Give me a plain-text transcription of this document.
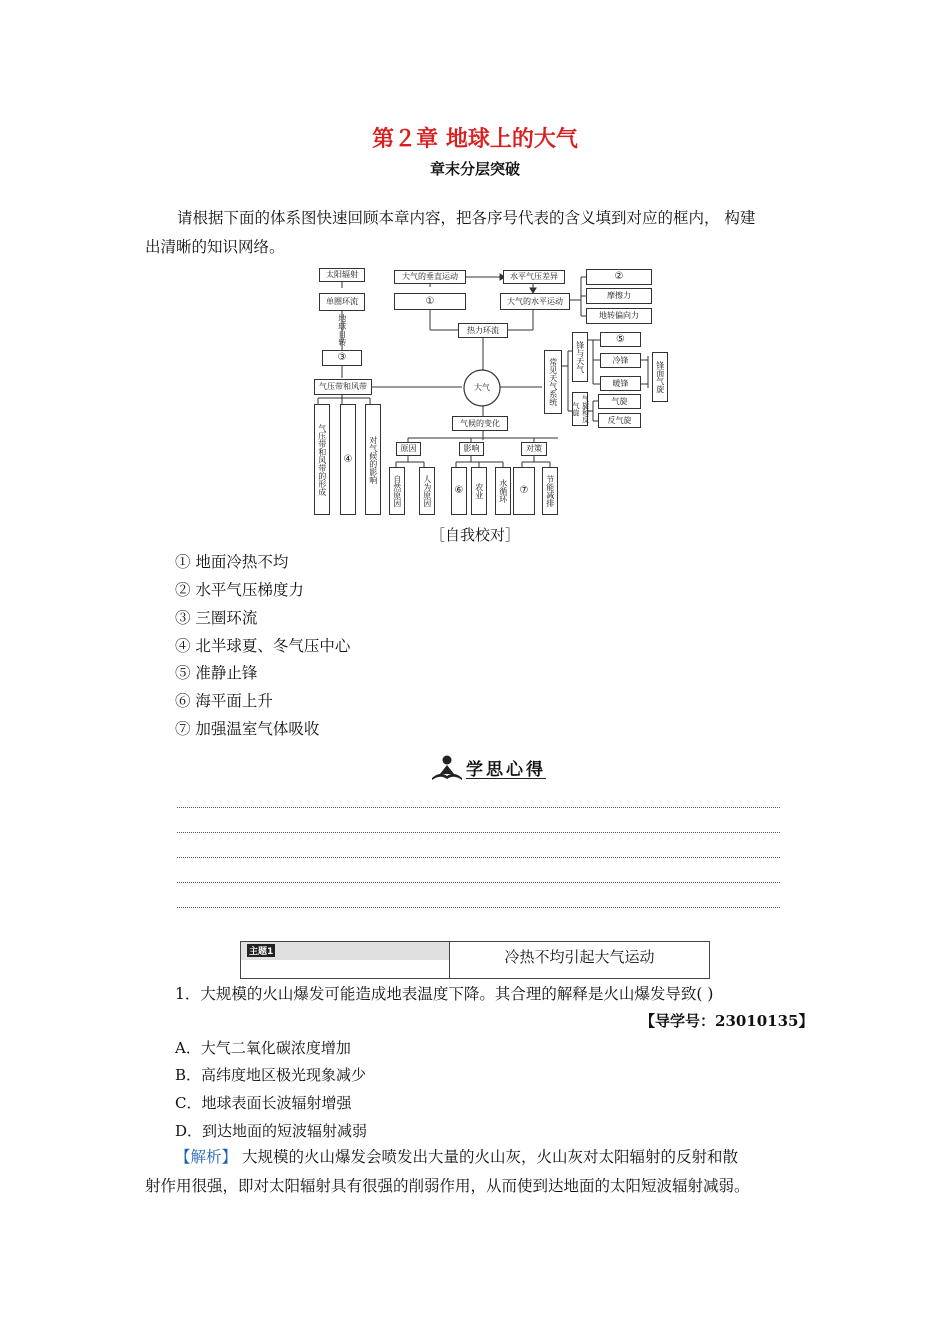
第２章 地球上的大气
章末分层突破
请根据下面的体系图快速回顾本章内容，把各序号代表的含义填到对应的框内， 构建
出清晰的知识网络。
太阳辐射
单圈环流
地球自转
③
气压带和风带
气压带和风带的形成	④	对气候的影响
大气的垂直运动
①
水平气压差异
大气的水平运动
②
摩擦力
地转偏向力
热力环流
大气	常见天气系统
锋与天气
⑤
冷锋
暖锋	锋面气旋
气旋和反气旋
气旋
反气旋
气候的变化
原因	影响	对策
自然原因	人为原因	⑥	农业	水循环	⑦	节能减排
［自我校对］
① 地面冷热不均
② 水平气压梯度力
③ 三圈环流
④ 北半球夏、冬气压中心
⑤ 准静止锋
⑥ 海平面上升
⑦ 加强温室气体吸收
学思心得
主题1	冷热不均引起大气运动
1．大规模的火山爆发可能造成地表温度下降。其合理的解释是火山爆发导致( )
【导学号：23010135】
A．大气二氧化碳浓度增加
B．高纬度地区极光现象减少
C．地球表面长波辐射增强
D．到达地面的短波辐射减弱
【解析】 大规模的火山爆发会喷发出大量的火山灰，火山灰对太阳辐射的反射和散
射作用很强，即对太阳辐射具有很强的削弱作用，从而使到达地面的太阳短波辐射减弱。
